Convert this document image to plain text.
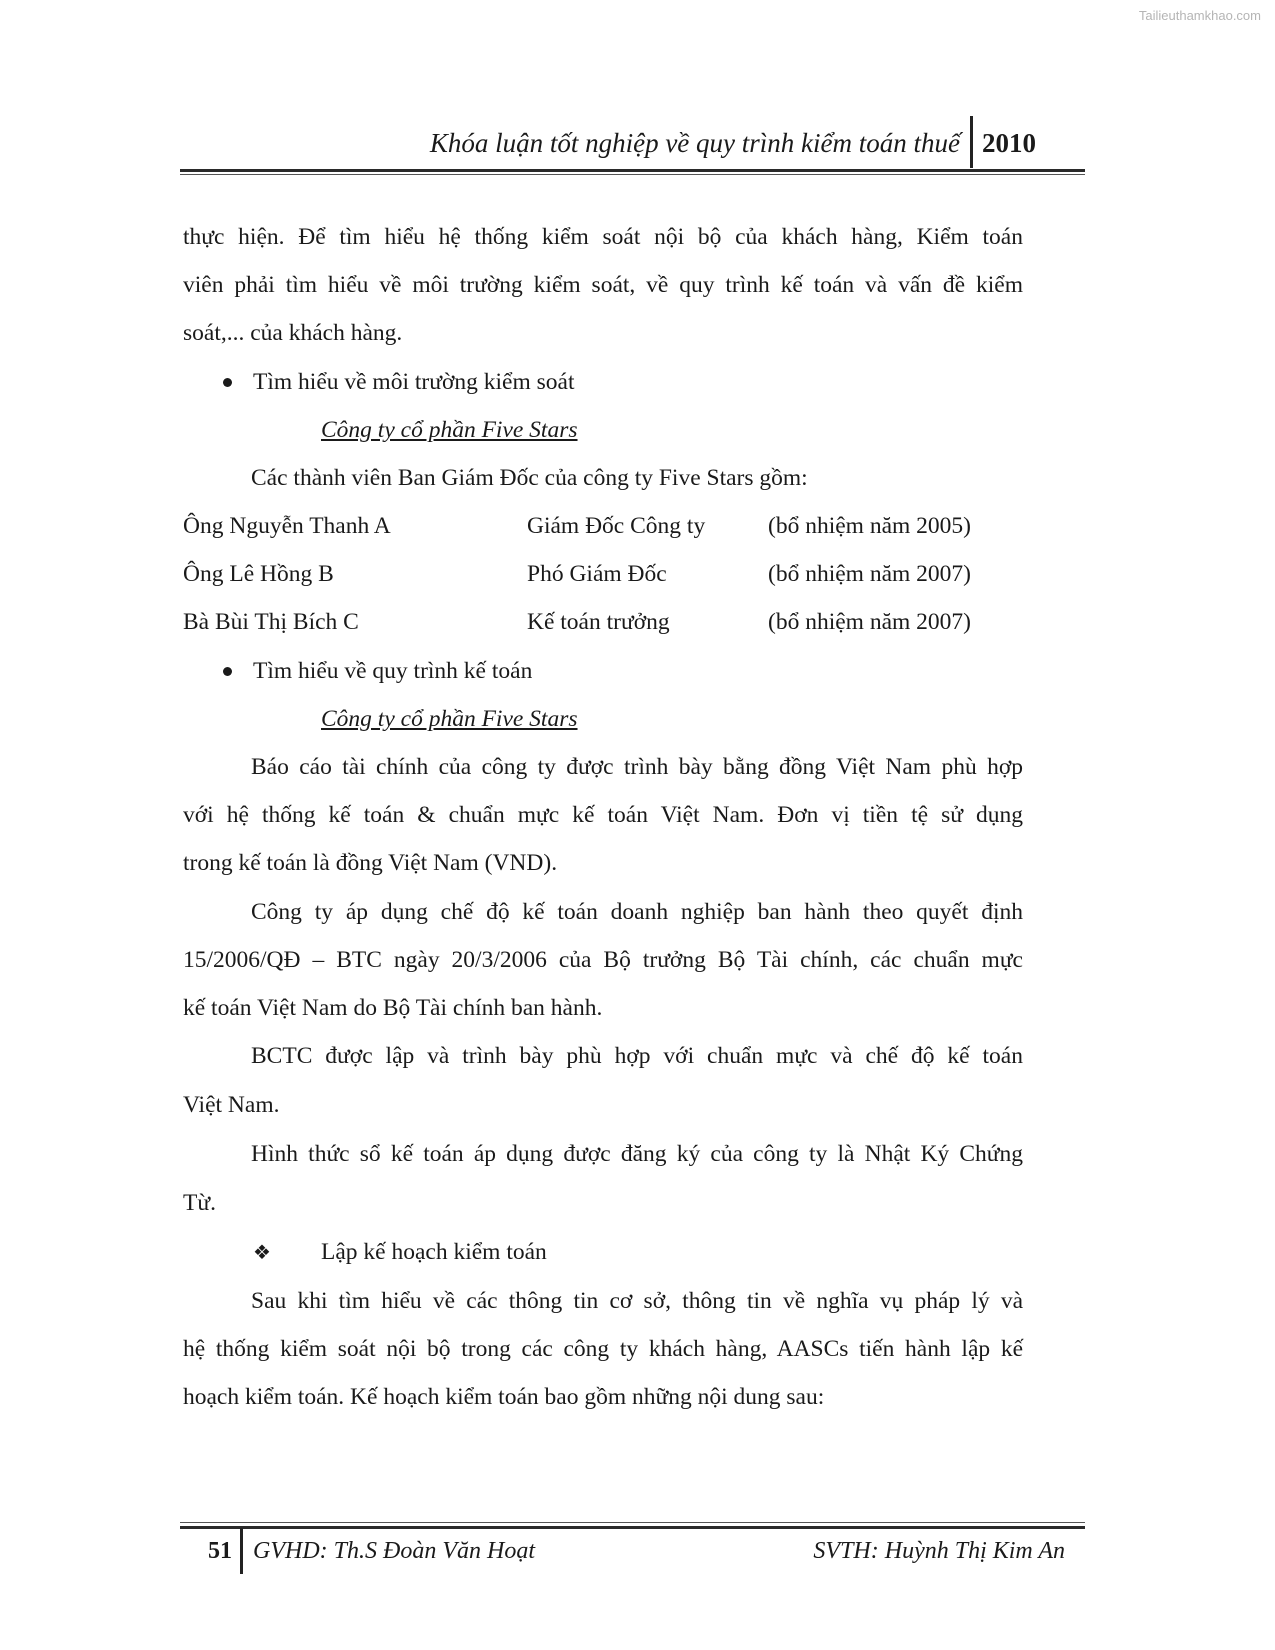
Tailieuthamkhao.com
Khóa luận tốt nghiệp về quy trình kiểm toán thuế 2010
thực hiện. Để tìm hiểu hệ thống kiểm soát nội bộ của khách hàng, Kiểm toán
viên phải tìm hiểu về môi trường kiểm soát, về quy trình kế toán và vấn đề kiểm
soát,... của khách hàng.
Tìm hiểu về môi trường kiểm soát
Công ty cổ phần Five Stars
Các thành viên Ban Giám Đốc của công ty Five Stars gồm:
Ông Nguyễn Thanh A	Giám Đốc Công ty	(bổ nhiệm năm 2005)
Ông Lê Hồng B	Phó Giám Đốc	(bổ nhiệm năm 2007)
Bà Bùi Thị Bích C	Kế toán trưởng	(bổ nhiệm năm 2007)
Tìm hiểu về quy trình kế toán
Công ty cổ phần Five Stars
Báo cáo tài chính của công ty được trình bày bằng đồng Việt Nam phù hợp
với hệ thống kế toán & chuẩn mực kế toán Việt Nam. Đơn vị tiền tệ sử dụng
trong kế toán là đồng Việt Nam (VND).
Công ty áp dụng chế độ kế toán doanh nghiệp ban hành theo quyết định
15/2006/QĐ – BTC ngày 20/3/2006 của Bộ trưởng Bộ Tài chính, các chuẩn mực
kế toán Việt Nam do Bộ Tài chính ban hành.
BCTC được lập và trình bày phù hợp với chuẩn mực và chế độ kế toán
Việt Nam.
Hình thức sổ kế toán áp dụng được đăng ký của công ty là Nhật Ký Chứng
Từ.
❖ Lập kế hoạch kiểm toán
Sau khi tìm hiểu về các thông tin cơ sở, thông tin về nghĩa vụ pháp lý và
hệ thống kiểm soát nội bộ trong các công ty khách hàng, AASCs tiến hành lập kế
hoạch kiểm toán. Kế hoạch kiểm toán bao gồm những nội dung sau:
51 GVHD: Th.S Đoàn Văn Hoạt	SVTH: Huỳnh Thị Kim An
